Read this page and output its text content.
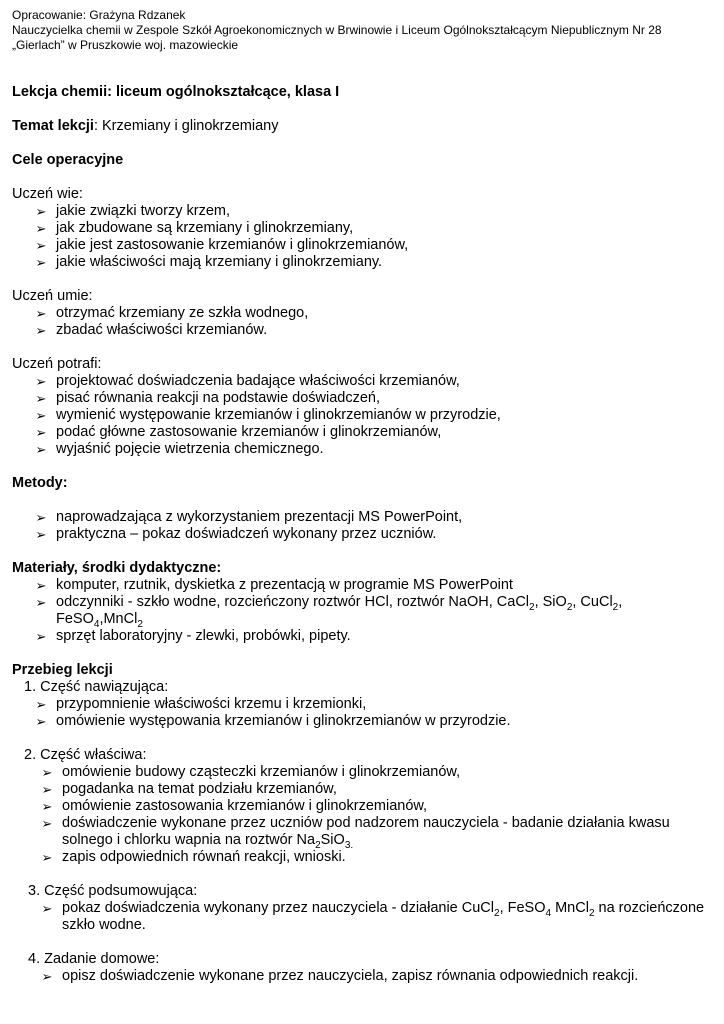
Opracowanie: Grażyna Rdzanek
Nauczycielka chemii w Zespole Szkół Agroekonomicznych w Brwinowie i Liceum Ogólnokształcącym Niepublicznym Nr 28
„Gierlach” w Pruszkowie woj. mazowieckie
Lekcja chemii: liceum ogólnokształcące, klasa I
Temat lekcji: Krzemiany i glinokrzemiany
Cele operacyjne
Uczeń wie:
➢ jakie związki tworzy krzem,
➢ jak zbudowane są krzemiany i glinokrzemiany,
➢ jakie jest zastosowanie krzemianów i glinokrzemianów,
➢ jakie właściwości mają krzemiany i glinokrzemiany.
Uczeń umie:
➢ otrzymać krzemiany ze szkła wodnego,
➢ zbadać właściwości krzemianów.
Uczeń potrafi:
➢ projektować doświadczenia badające właściwości krzemianów,
➢ pisać równania reakcji na podstawie doświadczeń,
➢ wymienić występowanie krzemianów i glinokrzemianów w przyrodzie,
➢ podać główne zastosowanie krzemianów i glinokrzemianów,
➢ wyjaśnić pojęcie wietrzenia chemicznego.
Metody:
➢ naprowadzająca z wykorzystaniem prezentacji MS PowerPoint,
➢ praktyczna – pokaz doświadczeń wykonany przez uczniów.
Materiały, środki dydaktyczne:
➢ komputer, rzutnik, dyskietka z prezentacją w programie MS PowerPoint
➢ odczynniki - szkło wodne, rozcieńczony roztwór HCl, roztwór NaOH, CaCl$_2$, SiO$_2$, CuCl$_2$,
FeSO$_4$,MnCl$_2$
➢ sprzęt laboratoryjny - zlewki, probówki, pipety.
Przebieg lekcji
1. Część nawiązująca:
➢ przypomnienie właściwości krzemu i krzemionki,
➢ omówienie występowania krzemianów i glinokrzemianów w przyrodzie.
2. Część właściwa:
➢ omówienie budowy cząsteczki krzemianów i glinokrzemianów,
➢ pogadanka na temat podziału krzemianów,
➢ omówienie zastosowania krzemianów i glinokrzemianów,
➢ doświadczenie wykonane przez uczniów pod nadzorem nauczyciela - badanie działania kwasu
solnego i chlorku wapnia na roztwór $Na_2SiO_{3.}$
➢ zapis odpowiednich równań reakcji, wnioski.
3. Część podsumowująca:
➢ pokaz doświadczenia wykonany przez nauczyciela - działanie CuCl$_2$, FeSO$_4$ MnCl$_2$ na rozcieńczone
szkło wodne.
4. Zadanie domowe:
➢ opisz doświadczenie wykonane przez nauczyciela, zapisz równania odpowiednich reakcji.
